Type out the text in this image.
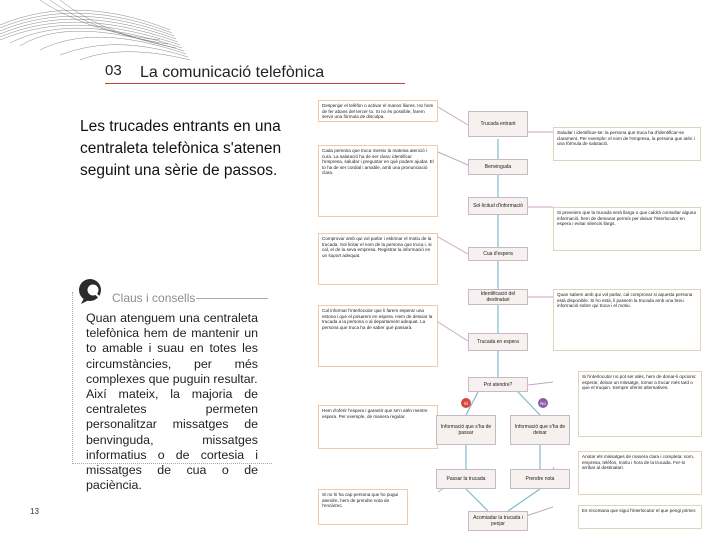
03 La comunicació telefònica
Les trucades entrants en una centraleta telefònica s'atenen seguint una sèrie de passos.
Claus i consells

Quan atenguem una centraleta telefònica hem de mantenir un to amable i suau en totes les circumstàncies, per més complexes que puguin resultar.

Així mateix, la majoria de centraletes permeten personalitzar missatges de benvinguda, missatges informatius o de cortesia i missatges de cua o de paciència.

13
Despenjar el telèfon o activar el manos lliures. Ho hem de fer abans del tercer to. Si no és possible, farem servir una fórmula de disculpa.
Cada persona que truca mereix la mateixa atenció i cura. La salutació ha de ser clara: identificar l'empresa, saludar i preguntar en què podem ajudar. El to ha de ser cordial i amable, amb una pronunciació clara.
Comprovar amb qui vol parlar i esbrinar el motiu de la trucada. Sol·licitar el nom de la persona que truca i, si cal, el de la seva empresa. Registrar la informació en un suport adequat.
Cal informar l'interlocutor que li farem esperar una estona i que el posarem en espera. Hem de desviar la trucada a la persona o al departament adequat. La persona que truca ha de saber què passarà.
Hem d'oferir l'espera i garantir que se'n atén mentre espera. Per exemple, de manera regular.
Si no hi ha cap persona que ho pugui atendre, hem de prendre nota de l'encàrrec.
Saludar i identificar-se: la persona que truca ha d'identificar-se clarament. Per exemple: el nom de l'empresa, la persona que atén i una fórmula de salutació.
Si preveiem que la trucada serà llarga o que caldrà consultar alguna informació, hem de demanar permís per deixar l'interlocutor en espera i evitar silencis llargs.
Quan sabem amb qui vol parlar, cal comprovar si aquesta persona està disponible. Si ho està, li passem la trucada amb una breu informació sobre qui truca i el motiu.
Si l'interlocutor no pot ser atès, hem de donar-li opcions: esperar, deixar un missatge, tornar a trucar més tard o que el truquin. Sempre oferint alternatives.
Anotar els missatges de manera clara i completa: nom, empresa, telèfon, motiu i hora de la trucada. Fer-lo arribar al destinatari.
Es recomana que sigui l'interlocutor el que pengi primer.
Trucada entrant
Benvinguda
Sol·licitud d'informació
Cua d'espera
Identificació del destinatari
Trucada en espera
Pot atendre?
Sí	No
Informació que s'ha de passar
Informació que s'ha de deixar
Passar la trucada	Prendre nota
Acomiadar la trucada i penjar
